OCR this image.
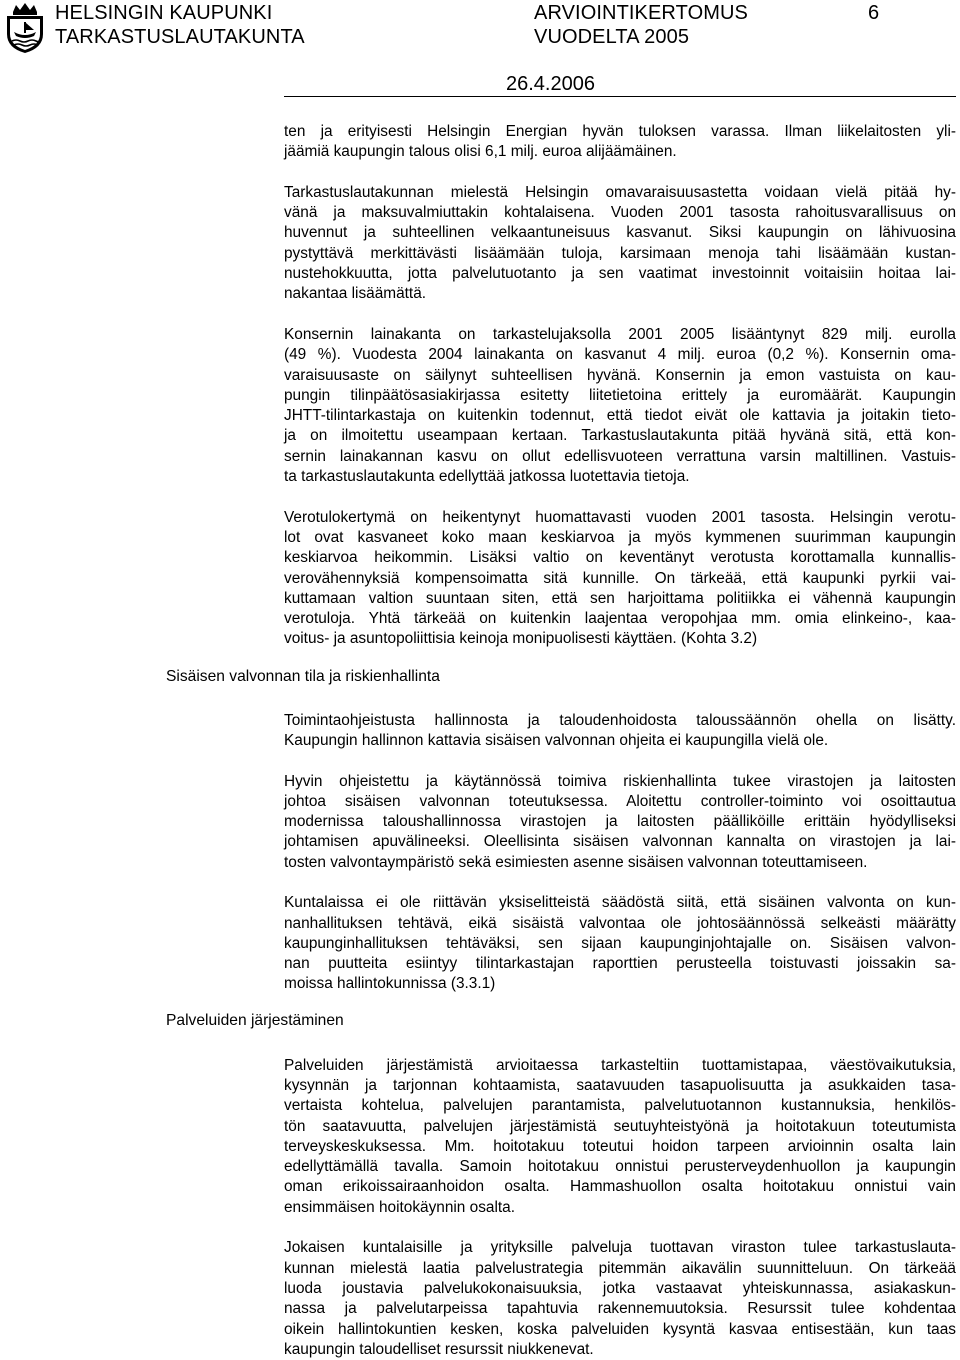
HELSINGIN KAUPUNKI
TARKASTUSLAUTAKUNTA
ARVIOINTIKERTOMUS
VUODELTA 2005
6
26.4.2006
Sisäisen valvonnan tila ja riskienhallinta
Palveluiden järjestäminen
ten ja erityisesti Helsingin Energian hyvän tuloksen varassa. Ilman liikelaitosten yli-
jäämiä kaupungin talous olisi 6,1 milj. euroa alijäämäinen.
Tarkastuslautakunnan mielestä Helsingin omavaraisuusastetta voidaan vielä pitää hy-
vänä ja maksuvalmiuttakin kohtalaisena. Vuoden 2001 tasosta rahoitusvarallisuus on
huvennut ja suhteellinen velkaantuneisuus kasvanut. Siksi kaupungin on lähivuosina
pystyttävä merkittävästi lisäämään tuloja, karsimaan menoja tahi lisäämään kustan-
nustehokkuutta, jotta palvelutuotanto ja sen vaatimat investoinnit voitaisiin hoitaa lai-
nakantaa lisäämättä.
Konsernin lainakanta on tarkastelujaksolla 2001 2005 lisääntynyt 829 milj. eurolla
(49 %). Vuodesta 2004 lainakanta on kasvanut 4 milj. euroa (0,2 %). Konsernin oma-
varaisuusaste on säilynyt suhteellisen hyvänä. Konsernin ja emon vastuista on kau-
pungin tilinpäätösasiakirjassa esitetty liitetietoina erittely ja euromäärät. Kaupungin
JHTT-tilintarkastaja on kuitenkin todennut, että tiedot eivät ole kattavia ja joitakin tieto-
ja on ilmoitettu useampaan kertaan. Tarkastuslautakunta pitää hyvänä sitä, että kon-
sernin lainakannan kasvu on ollut edellisvuoteen verrattuna varsin maltillinen. Vastuis-
ta tarkastuslautakunta edellyttää jatkossa luotettavia tietoja.
Verotulokertymä on heikentynyt huomattavasti vuoden 2001 tasosta. Helsingin verotu-
lot ovat kasvaneet koko maan keskiarvoa ja myös kymmenen suurimman kaupungin
keskiarvoa heikommin. Lisäksi valtio on keventänyt verotusta korottamalla kunnallis-
verovähennyksiä kompensoimatta sitä kunnille. On tärkeää, että kaupunki pyrkii vai-
kuttamaan valtion suuntaan siten, että sen harjoittama politiikka ei vähennä kaupungin
verotuloja. Yhtä tärkeää on kuitenkin laajentaa veropohjaa mm. omia elinkeino-, kaa-
voitus- ja asuntopoliittisia keinoja monipuolisesti käyttäen. (Kohta 3.2)
Toimintaohjeistusta hallinnosta ja taloudenhoidosta taloussäännön ohella on lisätty.
Kaupungin hallinnon kattavia sisäisen valvonnan ohjeita ei kaupungilla vielä ole.
Hyvin ohjeistettu ja käytännössä toimiva riskienhallinta tukee virastojen ja laitosten
johtoa sisäisen valvonnan toteutuksessa. Aloitettu controller-toiminto voi osoittautua
modernissa taloushallinnossa virastojen ja laitosten päälliköille erittäin hyödylliseksi
johtamisen apuvälineeksi. Oleellisinta sisäisen valvonnan kannalta on virastojen ja lai-
tosten valvontaympäristö sekä esimiesten asenne sisäisen valvonnan toteuttamiseen.
Kuntalaissa ei ole riittävän yksiselitteistä säädöstä siitä, että sisäinen valvonta on kun-
nanhallituksen tehtävä, eikä sisäistä valvontaa ole johtosäännössä selkeästi määrätty
kaupunginhallituksen tehtäväksi, sen sijaan kaupunginjohtajalle on. Sisäisen valvon-
nan puutteita esiintyy tilintarkastajan raporttien perusteella toistuvasti joissakin sa-
moissa hallintokunnissa (3.3.1)
Palveluiden järjestämistä arvioitaessa tarkasteltiin tuottamistapaa, väestövaikutuksia,
kysynnän ja tarjonnan kohtaamista, saatavuuden tasapuolisuutta ja asukkaiden tasa-
vertaista kohtelua, palvelujen parantamista, palvelutuotannon kustannuksia, henkilös-
tön saatavuutta, palvelujen järjestämistä seutuyhteistyönä ja hoitotakuun toteutumista
terveyskeskuksessa. Mm. hoitotakuu toteutui hoidon tarpeen arvioinnin osalta lain
edellyttämällä tavalla. Samoin hoitotakuu onnistui perusterveydenhuollon ja kaupungin
oman erikoissairaanhoidon osalta. Hammashuollon osalta hoitotakuu onnistui vain
ensimmäisen hoitokäynnin osalta.
Jokaisen kuntalaisille ja yrityksille palveluja tuottavan viraston tulee tarkastuslauta-
kunnan mielestä laatia palvelustrategia pitemmän aikavälin suunnitteluun. On tärkeää
luoda joustavia palvelukokonaisuuksia, jotka vastaavat yhteiskunnassa, asiakaskun-
nassa ja palvelutarpeissa tapahtuvia rakennemuutoksia. Resurssit tulee kohdentaa
oikein hallintokuntien kesken, koska palveluiden kysyntä kasvaa entisestään, kun taas
kaupungin taloudelliset resurssit niukkenevat.
